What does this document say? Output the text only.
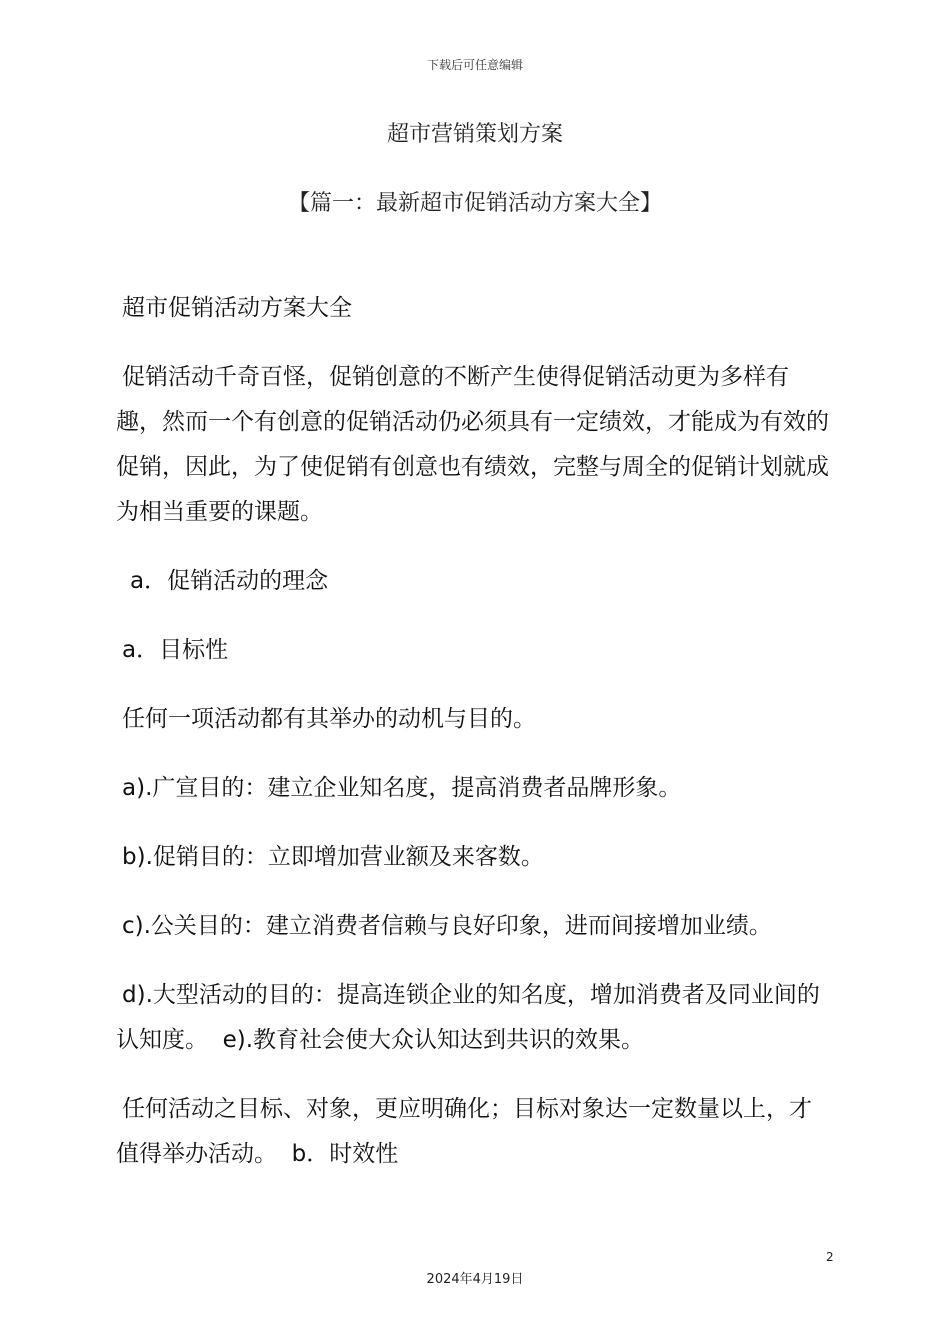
下载后可任意编辑
超市营销策划方案
【篇一：最新超市促销活动方案大全】

超市促销活动方案大全

促销活动千奇百怪，促销创意的不断产生使得促销活动更为多样有
趣，然而一个有创意的促销活动仍必须具有一定绩效，才能成为有效的
促销，因此，为了使促销有创意也有绩效，完整与周全的促销计划就成
为相当重要的课题。

a．促销活动的理念

a．目标性

任何一项活动都有其举办的动机与目的。

a).广宣目的：建立企业知名度，提高消费者品牌形象。

b).促销目的：立即增加营业额及来客数。

c).公关目的：建立消费者信赖与良好印象，进而间接增加业绩。

d).大型活动的目的：提高连锁企业的知名度，增加消费者及同业间的
认知度。  e).教育社会使大众认知达到共识的效果。

任何活动之目标、对象，更应明确化；目标对象达一定数量以上，才
值得举办活动。  b．时效性

2
2024年4月19日
